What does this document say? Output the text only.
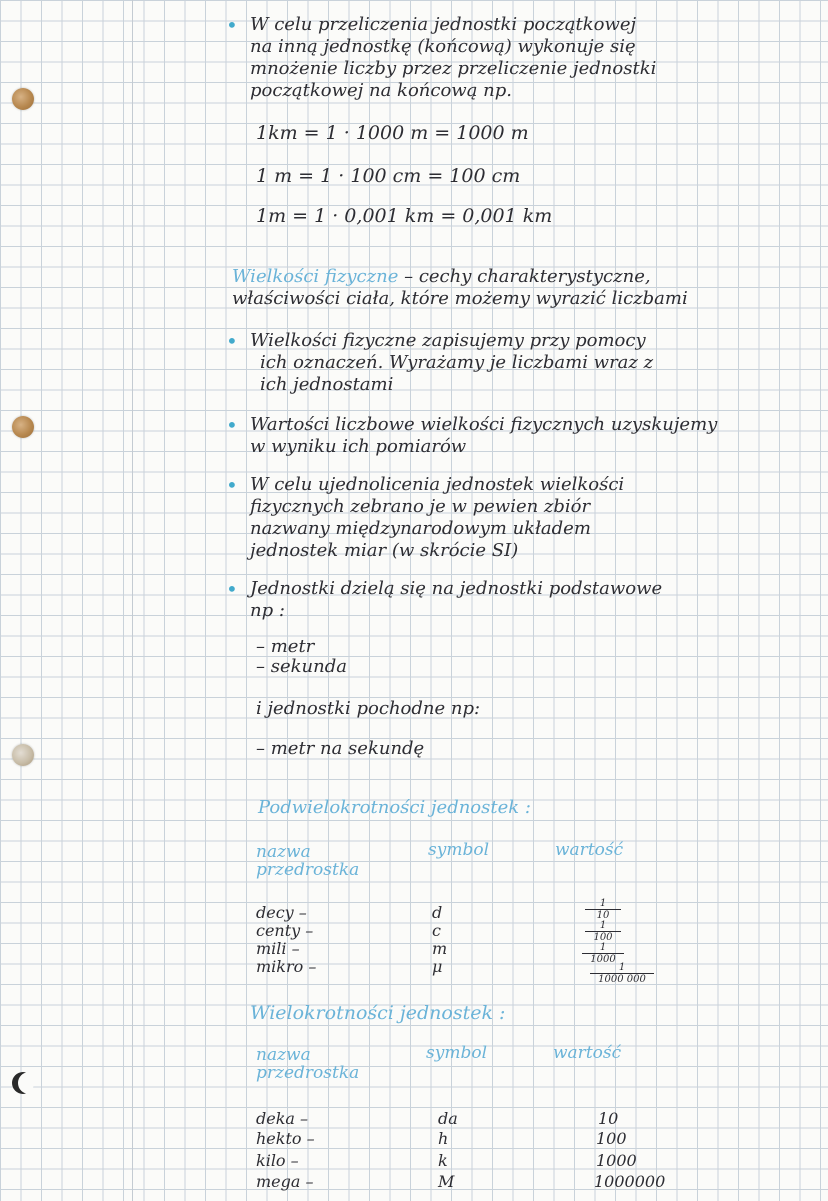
• W celu przeliczenia jednostki początkowej
na inną jednostkę (końcową) wykonuje się
mnożenie liczby przez przeliczenie jednostki
początkowej na końcową np.
1km = 1 · 1000 m = 1000 m
1 m = 1 · 100 cm = 100 cm
1m = 1 · 0,001 km = 0,001 km
Wielkości fizyczne – cechy charakterystyczne,
właściwości ciała, które możemy wyrazić liczbami
• Wielkości fizyczne zapisujemy przy pomocy
ich oznaczeń. Wyrażamy je liczbami wraz z
ich jednostami
• Wartości liczbowe wielkości fizycznych uzyskujemy
w wyniku ich pomiarów
• W celu ujednolicenia jednostek wielkości
fizycznych zebrano je w pewien zbiór
nazwany międzynarodowym układem
jednostek miar (w skrócie SI)
• Jednostki dzielą się na jednostki podstawowe
np :
– metr
– sekunda
i jednostki pochodne np:
– metr na sekundę
Podwielokrotności jednostek :
nazwa
przedrostka
symbol	wartość
decy –
centy –
mili –
mikro –
d
c
m
μ
$\frac{1}{10}$
$\frac{1}{100}$
$\frac{1}{1000}$
$\frac{1}{1000 000}$
Wielokrotności jednostek :
nazwa
przedrostka
symbol	wartość
deka –
hekto –
kilo –
mega –
da
h
k
M
10
100
1000
1000000
